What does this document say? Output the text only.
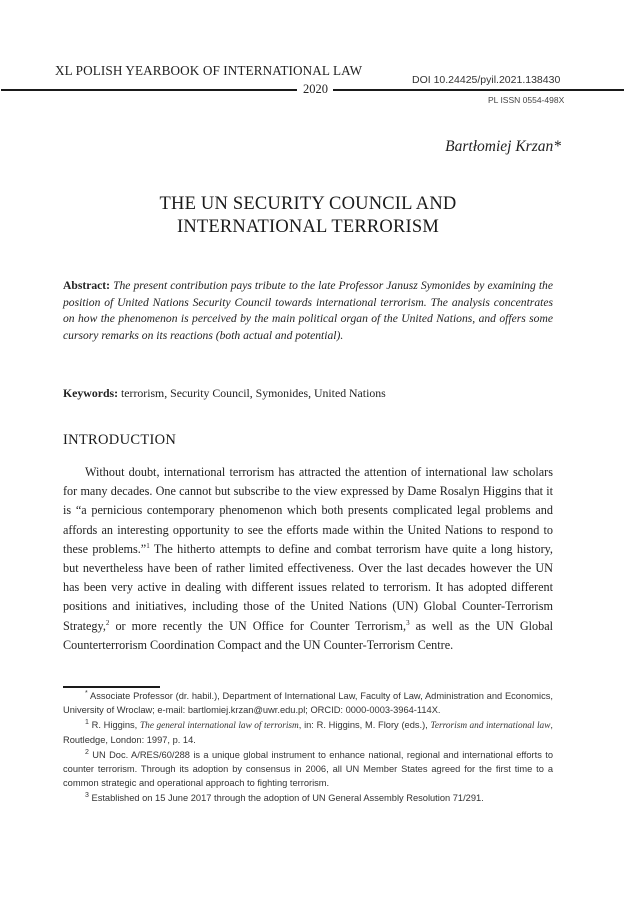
XL POLISH YEARBOOK OF INTERNATIONAL LAW
2020
DOI 10.24425/pyil.2021.138430
PL ISSN 0554-498X
Bartłomiej Krzan*
THE UN SECURITY COUNCIL AND
INTERNATIONAL TERRORISM
Abstract: The present contribution pays tribute to the late Professor Janusz Symonides by examining the position of United Nations Security Council towards international terrorism. The analysis concentrates on how the phenomenon is perceived by the main political organ of the United Nations, and offers some cursory remarks on its reactions (both actual and potential).
Keywords: terrorism, Security Council, Symonides, United Nations
INTRODUCTION

Without doubt, international terrorism has attracted the attention of international law scholars for many decades. One cannot but subscribe to the view expressed by Dame Rosalyn Higgins that it is “a pernicious contemporary phenomenon which both presents complicated legal problems and affords an interesting opportunity to see the efforts made within the United Nations to respond to these problems.”$^1$ The hitherto attempts to define and combat terrorism have quite a long history, but nevertheless have been of rather limited effectiveness. Over the last decades however the UN has been very active in dealing with different issues related to terrorism. It has adopted different positions and initiatives, including those of the United Nations (UN) Global Counter-Terrorism Strategy,$^2$ or more recently the UN Office for Counter Terrorism,$^3$ as well as the UN Global Counterterrorism Coordination Compact and the UN Counter-Terrorism Centre.

* Associate Professor (dr. habil.), Department of International Law, Faculty of Law, Administration and Economics, University of Wroclaw; e-mail: bartlomiej.krzan@uwr.edu.pl; ORCID: 0000-0003-3964-114X.

$^1$ R. Higgins, The general international law of terrorism, in: R. Higgins, M. Flory (eds.), Terrorism and international law, Routledge, London: 1997, p. 14.

$^2$ UN Doc. A/RES/60/288 is a unique global instrument to enhance national, regional and international efforts to counter terrorism. Through its adoption by consensus in 2006, all UN Member States agreed for the first time to a common strategic and operational approach to fighting terrorism.

$^3$ Established on 15 June 2017 through the adoption of UN General Assembly Resolution 71/291.
